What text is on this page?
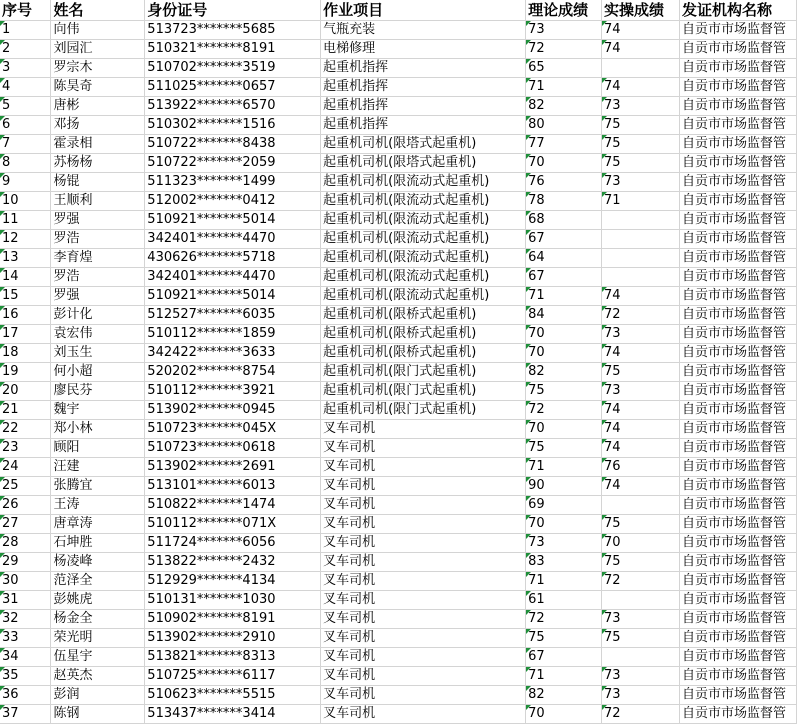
序号	姓名	身份证号	作业项目	理论成绩	实操成绩	发证机构名称
1	向伟	513723*******5685	气瓶充装	73	74	自贡市市场监督管
2	刘园汇	510321*******8191	电梯修理	72	74	自贡市市场监督管
3	罗宗木	510702*******3519	起重机指挥	65		自贡市市场监督管
4	陈昊奇	511025*******0657	起重机指挥	71	74	自贡市市场监督管
5	唐彬	513922*******6570	起重机指挥	82	73	自贡市市场监督管
6	邓扬	510302*******1516	起重机指挥	80	75	自贡市市场监督管
7	霍录相	510722*******8438	起重机司机(限塔式起重机)	77	75	自贡市市场监督管
8	苏杨杨	510722*******2059	起重机司机(限塔式起重机)	70	75	自贡市市场监督管
9	杨锟	511323*******1499	起重机司机(限流动式起重机)	76	73	自贡市市场监督管
10	王顺利	512002*******0412	起重机司机(限流动式起重机)	78	71	自贡市市场监督管
11	罗强	510921*******5014	起重机司机(限流动式起重机)	68		自贡市市场监督管
12	罗浩	342401*******4470	起重机司机(限流动式起重机)	67		自贡市市场监督管
13	李育煌	430626*******5718	起重机司机(限流动式起重机)	64		自贡市市场监督管
14	罗浩	342401*******4470	起重机司机(限流动式起重机)	67		自贡市市场监督管
15	罗强	510921*******5014	起重机司机(限流动式起重机)	71	74	自贡市市场监督管
16	彭计化	512527*******6035	起重机司机(限桥式起重机)	84	72	自贡市市场监督管
17	袁宏伟	510112*******1859	起重机司机(限桥式起重机)	70	73	自贡市市场监督管
18	刘玉生	342422*******3633	起重机司机(限桥式起重机)	70	74	自贡市市场监督管
19	何小超	520202*******8754	起重机司机(限门式起重机)	82	75	自贡市市场监督管
20	廖民芬	510112*******3921	起重机司机(限门式起重机)	75	73	自贡市市场监督管
21	魏宇	513902*******0945	起重机司机(限门式起重机)	72	74	自贡市市场监督管
22	郑小林	510723*******045X	叉车司机	70	74	自贡市市场监督管
23	顾阳	510723*******0618	叉车司机	75	74	自贡市市场监督管
24	汪建	513902*******2691	叉车司机	71	76	自贡市市场监督管
25	张腾宜	513101*******6013	叉车司机	90	74	自贡市市场监督管
26	王涛	510822*******1474	叉车司机	69		自贡市市场监督管
27	唐章涛	510112*******071X	叉车司机	70	75	自贡市市场监督管
28	石坤胜	511724*******6056	叉车司机	73	70	自贡市市场监督管
29	杨凌峰	513822*******2432	叉车司机	83	75	自贡市市场监督管
30	范泽全	512929*******4134	叉车司机	71	72	自贡市市场监督管
31	彭姚虎	510131*******1030	叉车司机	61		自贡市市场监督管
32	杨金全	510902*******8191	叉车司机	72	73	自贡市市场监督管
33	荣光明	513902*******2910	叉车司机	75	75	自贡市市场监督管
34	伍星宇	513821*******8313	叉车司机	67		自贡市市场监督管
35	赵英杰	510725*******6117	叉车司机	71	73	自贡市市场监督管
36	彭润	510623*******5515	叉车司机	82	73	自贡市市场监督管
37	陈钢	513437*******3414	叉车司机	70	72	自贡市市场监督管
